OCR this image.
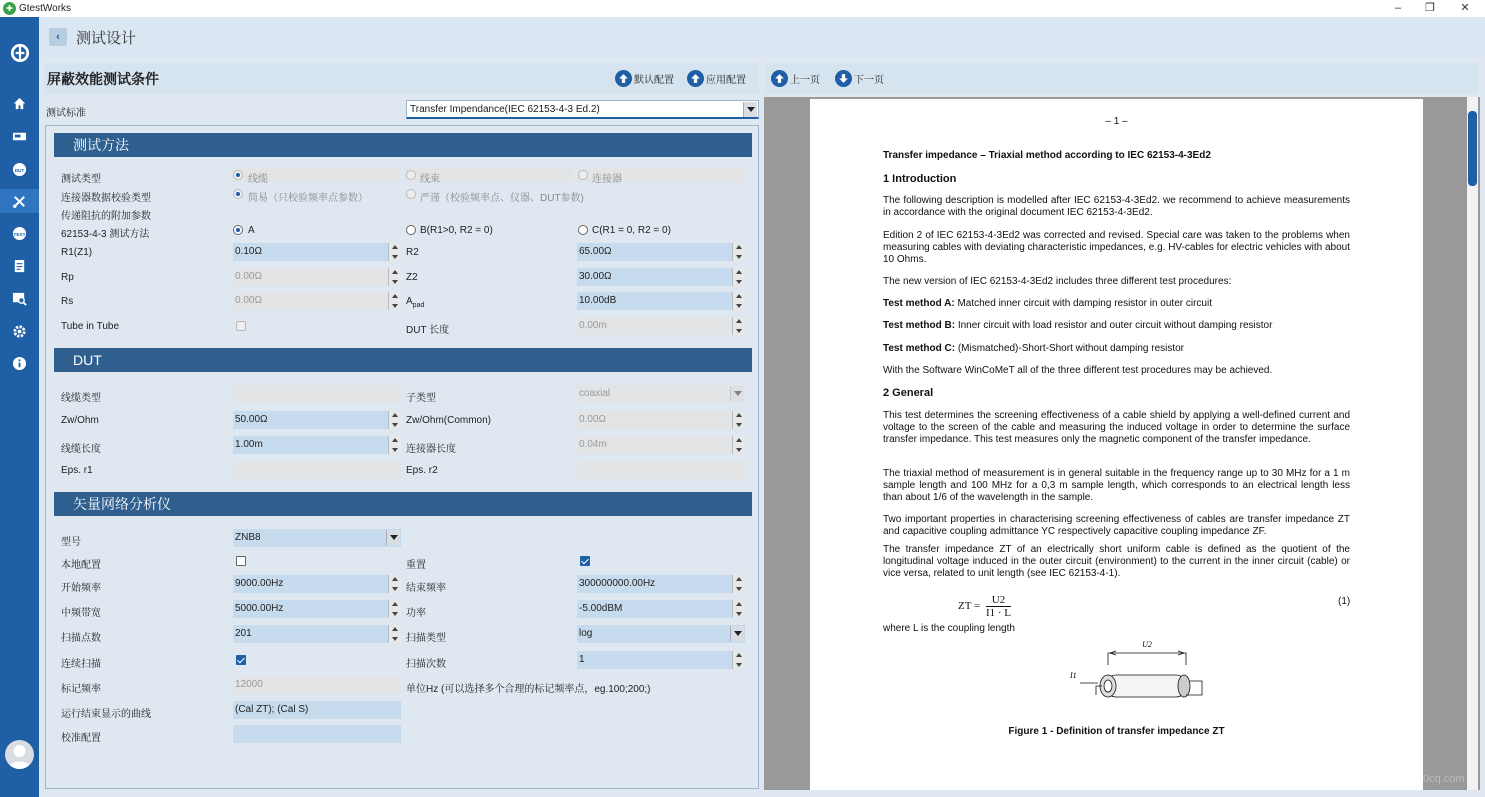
✚ GtestWorks	–	❐	✕
DUT
TEST
‹	测试设计
屏蔽效能测试条件	默认配置	应用配置
测试标准	Transfer Impendance(IEC 62153-4-3 Ed.2)
测试方法
测试类型	线缆	线束	连接器
连接器数据校验类型	简易（只校验频率点参数）	严谨（校验频率点、仪器、DUT参数)
传递阻抗的附加参数
62153-4-3 测试方法	A	B(R1>0, R2 = 0)	C(R1 = 0, R2 = 0)
R1(Z1)	0.10Ω	R2	65.00Ω
Rp	0.00Ω	Z2	30.00Ω
Rs	0.00Ω	$A_{pad}$	10.00dB
Tube in Tube	DUT 长度	0.00m
DUT
线缆类型	子类型	coaxial
Zw/Ohm	50.00Ω	Zw/Ohm(Common)	0.00Ω
线缆长度	1.00m	连接器长度	0.04m
Eps. r1	Eps. r2
矢量网络分析仪
型号	ZNB8
本地配置	重置
开始频率	9000.00Hz	结束频率	300000000.00Hz
中频带宽	5000.00Hz	功率	-5.00dBM
扫描点数	201	扫描类型	log
连续扫描	扫描次数	1
标记频率	12000	单位Hz (可以选择多个合理的标记频率点，eg.100;200;)
运行结束显示的曲线	(Cal ZT); (Cal S)
校准配置
上一页	下一页
– 1 –
Transfer impedance – Triaxial method according to IEC 62153-4-3Ed2
1 Introduction
The following description is modelled after IEC 62153-4-3Ed2. we recommend to achieve measurements in accordance with the original document IEC 62153-4-3Ed2.
Edition 2 of IEC 62153-4-3Ed2 was corrected and revised. Special care was taken to the problems when measuring cables with deviating characteristic impedances, e.g. HV-cables for electric vehicles with about 10 Ohms.
The new version of IEC 62153-4-3Ed2 includes three different test procedures:
Test method A: Matched inner circuit with damping resistor in outer circuit
Test method B: Inner circuit with load resistor and outer circuit without damping resistor
Test method C: (Mismatched)-Short-Short without damping resistor
With the Software WinCoMeT all of the three different test procedures may be achieved.
2 General
This test determines the screening effectiveness of a cable shield by applying a well-defined current and voltage to the screen of the cable and measuring the induced voltage in order to determine the surface transfer impedance. This test measures only the magnetic component of the transfer impedance.
The triaxial method of measurement is in general suitable in the frequency range up to 30 MHz for a 1 m sample length and 100 MHz for a 0,3 m sample length, which corresponds to an electrical length less than about 1/6 of the wavelength in the sample.
Two important properties in characterising screening effectiveness of cables are transfer impedance ZT and capacitive coupling admittance YC respectively capacitive coupling impedance ZF.
The transfer impedance ZT of an electrically short uniform cable is defined as the quotient of the longitudinal voltage induced in the outer circuit (environment) to the current in the inner circuit (cable) or vice versa, related to unit length (see IEC 62153-4-1).
ZT = $\frac{U2}{I1 \cdot L}$	(1)
where L is the coupling length
U2
I1
Figure 1 - Definition of transfer impedance ZT
0cq.com
